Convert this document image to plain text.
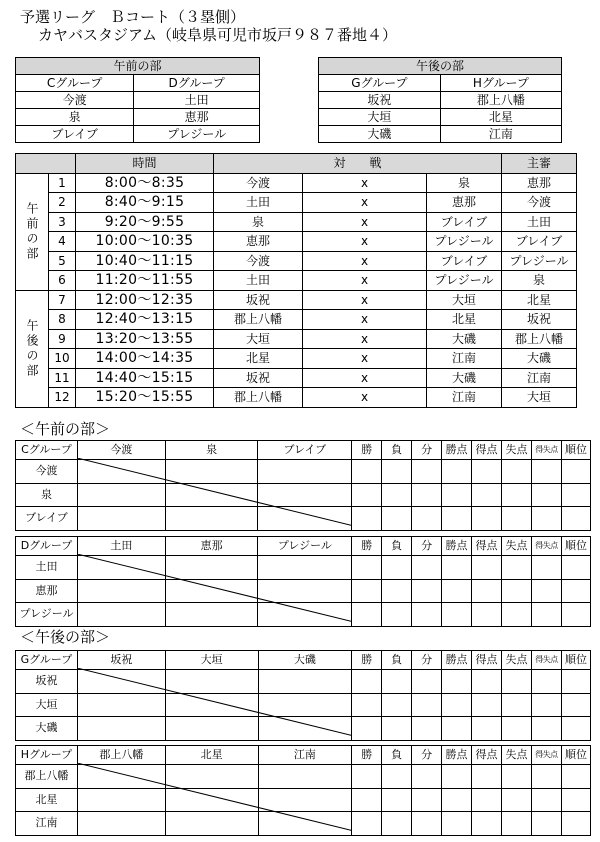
予選リーグ　Ｂコート（３塁側）
カヤバスタジアム（岐阜県可児市坂戸９８７番地４）
午前の部	
Cグループ	Dグループ
今渡	土田
泉	恵那
ブレイブ	プレジール
午後の部	
Gグループ	Hグループ
坂祝	郡上八幡
大垣	北星
大磯	江南
		時間	対　　戦			主審
午前の部	1	8:00～8:35	今渡	x	泉	恵那
	2	8:40～9:15	土田	x	恵那	今渡
	3	9:20～9:55	泉	x	ブレイブ	土田
	4	10:00～10:35	恵那	x	プレジール	ブレイブ
	5	10:40～11:15	今渡	x	ブレイブ	プレジール
	6	11:20～11:55	土田	x	プレジール	泉
午後の部	7	12:00～12:35	坂祝	x	大垣	北星
	8	12:40～13:15	郡上八幡	x	北星	坂祝
	9	13:20～13:55	大垣	x	大磯	郡上八幡
	10	14:00～14:35	北星	x	江南	大磯
	11	14:40～15:15	坂祝	x	大磯	江南
	12	15:20～15:55	郡上八幡	x	江南	大垣
＜午前の部＞
＜午後の部＞
Cグループ	今渡	泉	ブレイブ	勝	負	分	勝点	得点	失点	得失点	順位
今渡											
泉											
ブレイブ											
Dグループ	土田	恵那	プレジール	勝	負	分	勝点	得点	失点	得失点	順位
土田											
恵那											
プレジール											
Gグループ	坂祝	大垣	大磯	勝	負	分	勝点	得点	失点	得失点	順位
坂祝											
大垣											
大磯											
Hグループ	郡上八幡	北星	江南	勝	負	分	勝点	得点	失点	得失点	順位
郡上八幡											
北星											
江南											
